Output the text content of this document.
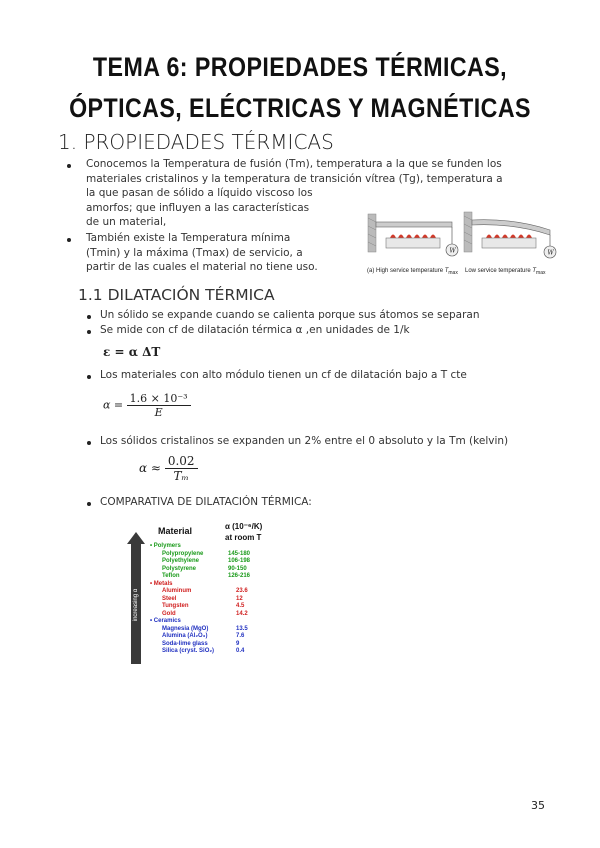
TEMA 6: PROPIEDADES TÉRMICAS,
ÓPTICAS, ELÉCTRICAS Y MAGNÉTICAS
1. PROPIEDADES TÉRMICAS
Conocemos la Temperatura de fusión (Tm), temperatura a la que se funden los
materiales cristalinos y la temperatura de transición vítrea (Tg), temperatura a
la que pasan de sólido a líquido viscoso los
amorfos; que influyen a las características
de un material,
También existe la Temperatura mínima
(Tmin) y la máxima (Tmax) de servicio, a
partir de las cuales el material no tiene uso.
W	W
(a) High service temperature $T_{max}$ Low service temperature $T_{max}$
1.1 DILATACIÓN TÉRMICA
Un sólido se expande cuando se calienta porque sus átomos se separan
Se mide con cf de dilatación térmica α ,en unidades de 1/k
ε = α ΔT
Los materiales con alto módulo tienen un cf de dilatación bajo a T cte
$\alpha = \frac{\text{1.6 × 10⁻³}}{E}$
Los sólidos cristalinos se expanden un 2% entre el 0 absoluto y la Tm (kelvin)
$\alpha \approx \frac{0.02}{\text{Tₘ}}$
COMPARATIVA DE DILATACIÓN TÉRMICA:
increasing α
Material	α (10⁻⁶/K)
at room T
• Polymers
Polypropylene	145-180
Polyethylene	106-198
Polystyrene	90-150
Teflon	126-216
• Metals
Aluminum	23.6
Steel	12
Tungsten	4.5
Gold	14.2
• Ceramics
Magnesia (MgO)	13.5
Alumina (Al₂O₃)	7.6
Soda-lime glass	9
Silica (cryst. SiO₂)	0.4
35
